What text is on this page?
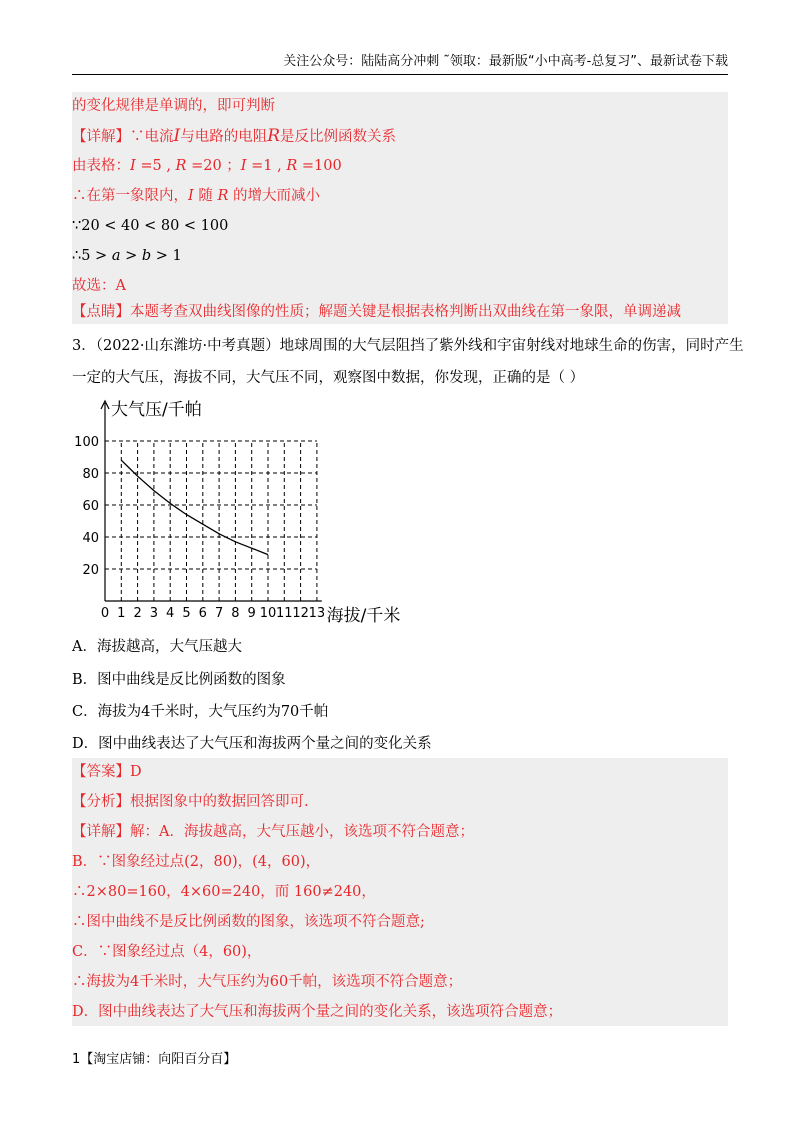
关注公众号：陆陆高分冲刺 ˜领取：最新版“小中高考-总复习”、最新试卷下载
的变化规律是单调的，即可判断
【详解】∵电流I与电路的电阻R是反比例函数关系
由表格：I =5 , R =20 ；I =1 , R =100
∴在第一象限内，I 随 R 的增大而减小
∵20 < 40 < 80 < 100
∴5 > a > b > 1
故选：A
【点睛】本题考查双曲线图像的性质；解题关键是根据表格判断出双曲线在第一象限，单调递减
3．（2022·山东潍坊·中考真题）地球周围的大气层阻挡了紫外线和宇宙射线对地球生命的伤害，同时产生
一定的大气压，海拔不同，大气压不同，观察图中数据，你发现，正确的是（ ）
0 1 2 3 4 5 6 7 8 9 10 11 12 13
20
40
60
80
100
大气压/千帕
海拔/千米
A．海拔越高，大气压越大
B．图中曲线是反比例函数的图象
C．海拔为4千米时，大气压约为70千帕
D．图中曲线表达了大气压和海拔两个量之间的变化关系
【答案】D
【分析】根据图象中的数据回答即可.
【详解】解：A．海拔越高，大气压越小，该选项不符合题意；
B．∵图象经过点(2，80)，(4，60)，
∴2×80=160，4×60=240，而 160≠240，
∴图中曲线不是反比例函数的图象，该选项不符合题意;
C．∵图象经过点（4，60)，
∴海拔为4千米时，大气压约为60千帕，该选项不符合题意；
D．图中曲线表达了大气压和海拔两个量之间的变化关系，该选项符合题意；
1【淘宝店铺：向阳百分百】
